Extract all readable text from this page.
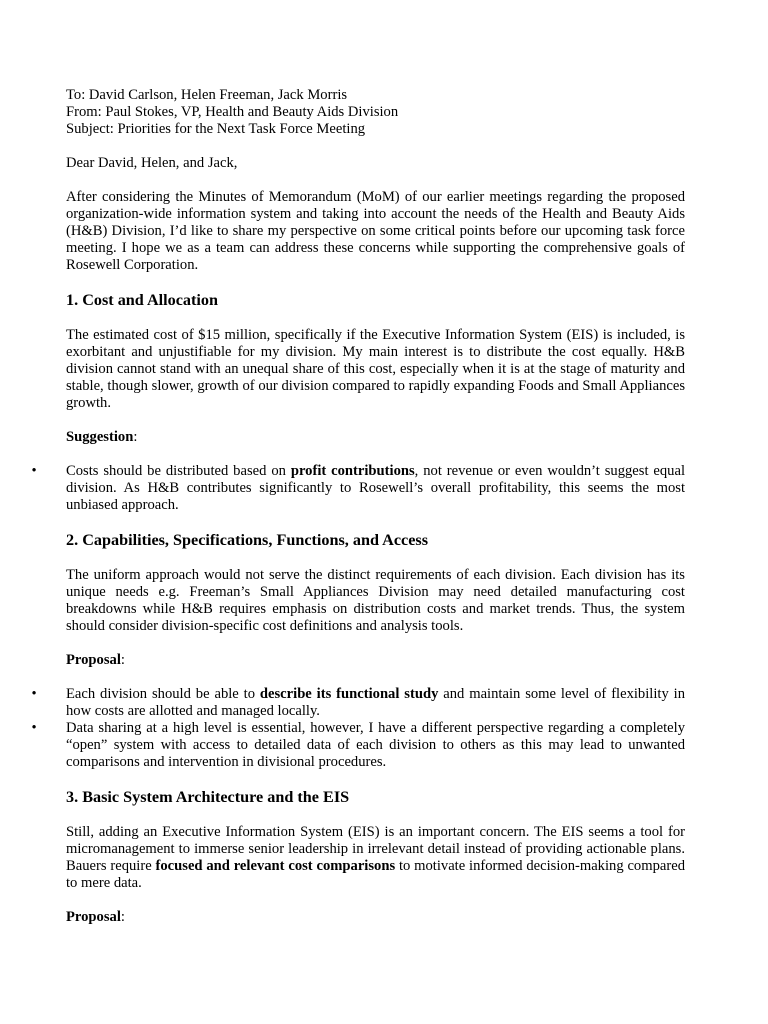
To: David Carlson, Helen Freeman, Jack Morris

From: Paul Stokes, VP, Health and Beauty Aids Division

Subject: Priorities for the Next Task Force Meeting

Dear David, Helen, and Jack,

After considering the Minutes of Memorandum (MoM) of our earlier meetings regarding the proposed organization-wide information system and taking into account the needs of the Health and Beauty Aids (H&B) Division, I’d like to share my perspective on some critical points before our upcoming task force meeting. I hope we as a team can address these concerns while supporting the comprehensive goals of Rosewell Corporation.

1. Cost and Allocation

The estimated cost of $15 million, specifically if the Executive Information System (EIS) is included, is exorbitant and unjustifiable for my division. My main interest is to distribute the cost equally. H&B division cannot stand with an unequal share of this cost, especially when it is at the stage of maturity and stable, though slower, growth of our division compared to rapidly expanding Foods and Small Appliances growth.

Suggestion:

• Costs should be distributed based on profit contributions, not revenue or even wouldn’t suggest equal division. As H&B contributes significantly to Rosewell’s overall profitability, this seems the most unbiased approach.
2. Capabilities, Specifications, Functions, and Access

The uniform approach would not serve the distinct requirements of each division. Each division has its unique needs e.g. Freeman’s Small Appliances Division may need detailed manufacturing cost breakdowns while H&B requires emphasis on distribution costs and market trends. Thus, the system should consider division-specific cost definitions and analysis tools.

Proposal:

• Each division should be able to describe its functional study and maintain some level of flexibility in how costs are allotted and managed locally.
• Data sharing at a high level is essential, however, I have a different perspective regarding a completely “open” system with access to detailed data of each division to others as this may lead to unwanted comparisons and intervention in divisional procedures.
3. Basic System Architecture and the EIS

Still, adding an Executive Information System (EIS) is an important concern. The EIS seems a tool for micromanagement to immerse senior leadership in irrelevant detail instead of providing actionable plans. Bauers require focused and relevant cost comparisons to motivate informed decision-making compared to mere data.

Proposal:
